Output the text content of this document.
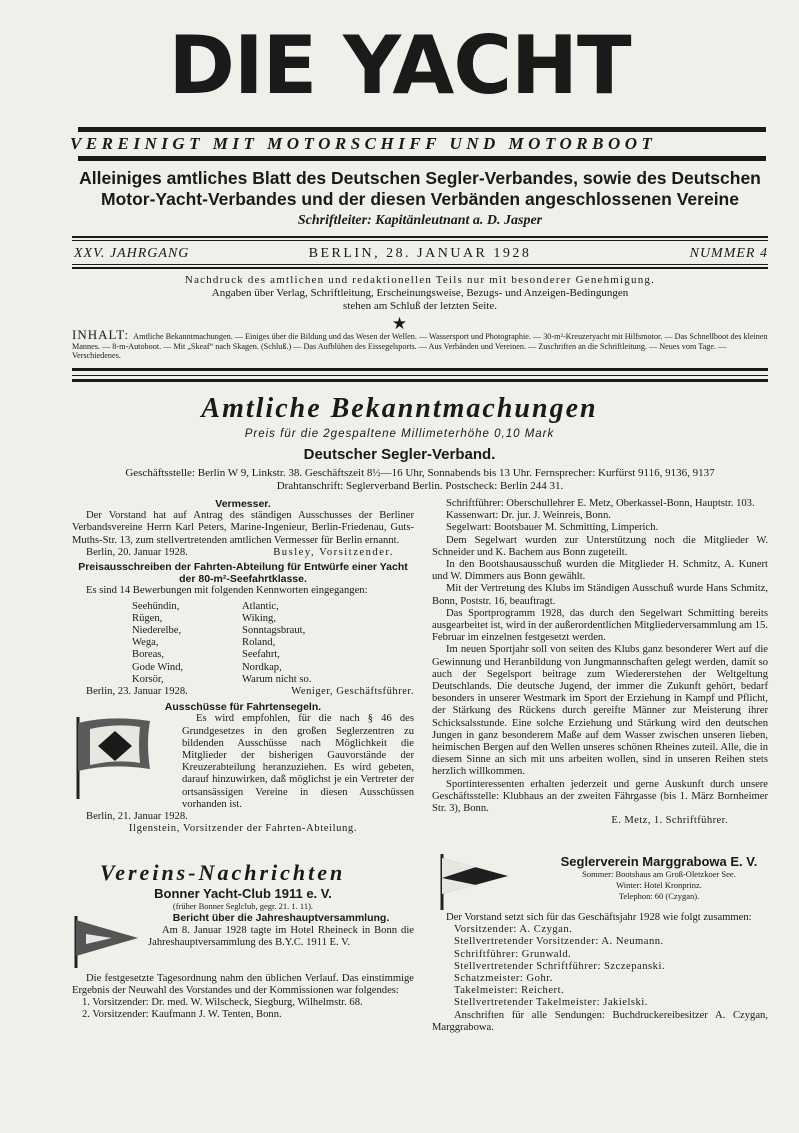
DIE YACHT
VEREINIGT MIT MOTORSCHIFF UND MOTORBOOT
Alleiniges amtliches Blatt des Deutschen Segler-Verbandes, sowie des Deutschen
Motor-Yacht-Verbandes und der diesen Verbänden angeschlossenen Vereine
Schriftleiter: Kapitänleutnant a. D. Jasper
XXV. JAHRGANG	BERLIN, 28. JANUAR 1928	NUMMER 4
Nachdruck des amtlichen und redaktionellen Teils nur mit besonderer Genehmigung.
Angaben über Verlag, Schriftleitung, Erscheinungsweise, Bezugs- und Anzeigen-Bedingungen
stehen am Schluß der letzten Seite.
★
INHALT: Amtliche Bekanntmachungen. — Einiges über die Bildung und das Wesen der Wellen. — Wassersport und Photographie. — 30-m²-Kreuzeryacht mit Hilfsmotor. — Das Schnellboot des kleinen Mannes. — 8-m-Autoboot. — Mit „Skeaf“ nach Skagen. (Schluß.) — Das Aufblühen des Eissegelsports. — Aus Verbänden und Vereinen. — Zuschriften an die Schriftleitung. — Neues vom Tage. — Verschiedenes.
Amtliche Bekanntmachungen
Preis für die 2gespaltene Millimeterhöhe 0,10 Mark
Deutscher Segler-Verband.
Geschäftsstelle: Berlin W 9, Linkstr. 38. Geschäftszeit 8½—16 Uhr, Sonnabends bis 13 Uhr. Fernsprecher: Kurfürst 9116, 9136, 9137
Drahtanschrift: Seglerverband Berlin. Postscheck: Berlin 244 31.
Vermesser.

Der Vorstand hat auf Antrag des ständigen Ausschusses der Berliner Verbandsvereine Herrn Karl Peters, Marine-Ingenieur, Berlin-Friedenau, Guts-Muths-Str. 13, zum stellvertretenden amtlichen Vermesser für Berlin ernannt.

Berlin, 20. Januar 1928.	Busley, Vorsitzender.

Preisausschreiben der Fahrten-Abteilung für Entwürfe einer Yacht der 80-m²-Seefahrtklasse.

Es sind 14 Bewerbungen mit folgenden Kennworten eingegangen:

Seehündin,	Atlantic,
Rügen,	Wiking,
Niederelbe,	Sonntagsbraut,
Wega,	Roland,
Boreas,	Seefahrt,
Gode Wind,	Nordkap,
Korsör,	Warum nicht so.

Berlin, 23. Januar 1928.	Weniger, Geschäftsführer.

Ausschüsse für Fahrtensegeln.

Es wird empfohlen, für die nach § 46 des Grundgesetzes in den großen Seglerzentren zu bildenden Ausschüsse nach Möglichkeit die Mitglieder der bisherigen Gauvorstände der Kreuzerabteilung heranzuziehen. Es wird gebeten, darauf hinzuwirken, daß möglichst je ein Vertreter der ortsansässigen Vereine in diesen Ausschüssen vorhanden ist.

Berlin, 21. Januar 1928.

Ilgenstein, Vorsitzender der Fahrten-Abteilung.

Vereins-Nachrichten
Bonner Yacht-Club 1911 e. V.
(früher Bonner Seglclub, gegr. 21. 1. 11).
Bericht über die Jahreshauptversammlung.

Am 8. Januar 1928 tagte im Hotel Rheineck in Bonn die Jahreshauptversammlung des B.Y.C. 1911 E. V.

Die festgesetzte Tagesordnung nahm den üblichen Verlauf. Das einstimmige Ergebnis der Neuwahl des Vorstandes und der Kommissionen war folgendes:

1. Vorsitzender: Dr. med. W. Wilscheck, Siegburg, Wilhelmstr. 68.

2. Vorsitzender: Kaufmann J. W. Tenten, Bonn.

Schriftführer: Oberschullehrer E. Metz, Oberkassel-Bonn, Hauptstr. 103.

Kassenwart: Dr. jur. J. Weinreis, Bonn.

Segelwart: Bootsbauer M. Schmitting, Limperich.

Dem Segelwart wurden zur Unterstützung noch die Mitglieder W. Schneider und K. Bachem aus Bonn zugeteilt.

In den Bootshausausschuß wurden die Mitglieder H. Schmitz, A. Kunert und W. Dimmers aus Bonn gewählt.

Mit der Vertretung des Klubs im Ständigen Ausschuß wurde Hans Schmitz, Bonn, Poststr. 16, beauftragt.

Das Sportprogramm 1928, das durch den Segelwart Schmitting bereits ausgearbeitet ist, wird in der außerordentlichen Mitgliederversammlung am 15. Februar im einzelnen festgesetzt werden.

Im neuen Sportjahr soll von seiten des Klubs ganz besonderer Wert auf die Gewinnung und Heranbildung von Jungmannschaften gelegt werden, damit so auch der Segelsport beitrage zum Wiedererstehen der Weltgeltung Deutschlands. Die deutsche Jugend, der immer die Zukunft gehört, bedarf besonders in unserer Westmark im Sport der Erziehung in Kampf und Pflicht, der Stärkung des Rückens durch gereifte Männer zur Meisterung ihrer Schicksalsstunde. Eine solche Erziehung und Stärkung wird den deutschen Jungen in ganz besonderem Maße auf dem Wasser zwischen unseren lieben, heimischen Bergen auf den Wellen unseres schönen Rheines zuteil. Alle, die in diesem Sinne an sich mit uns arbeiten wollen, sind in unseren Reihen stets herzlich willkommen.

Sportinteressenten erhalten jederzeit und gerne Auskunft durch unsere Geschäftsstelle: Klubhaus an der zweiten Fährgasse (bis 1. März Bornheimer Str. 3), Bonn.

E. Metz, 1. Schriftführer.

Seglerverein Marggrabowa E. V.
Sommer: Bootshaus am Groß-Oletzkoer See.
Winter: Hotel Kronprinz.
Telephon: 60 (Czygan).

Der Vorstand setzt sich für das Geschäftsjahr 1928 wie folgt zusammen:

Vorsitzender: A. Czygan.

Stellvertretender Vorsitzender: A. Neumann.

Schriftführer: Grunwald.

Stellvertretender Schriftführer: Szczepanski.

Schatzmeister: Gohr.

Takelmeister: Reichert.

Stellvertretender Takelmeister: Jakielski.

Anschriften für alle Sendungen: Buchdruckereibesitzer A. Czygan, Marggrabowa.
